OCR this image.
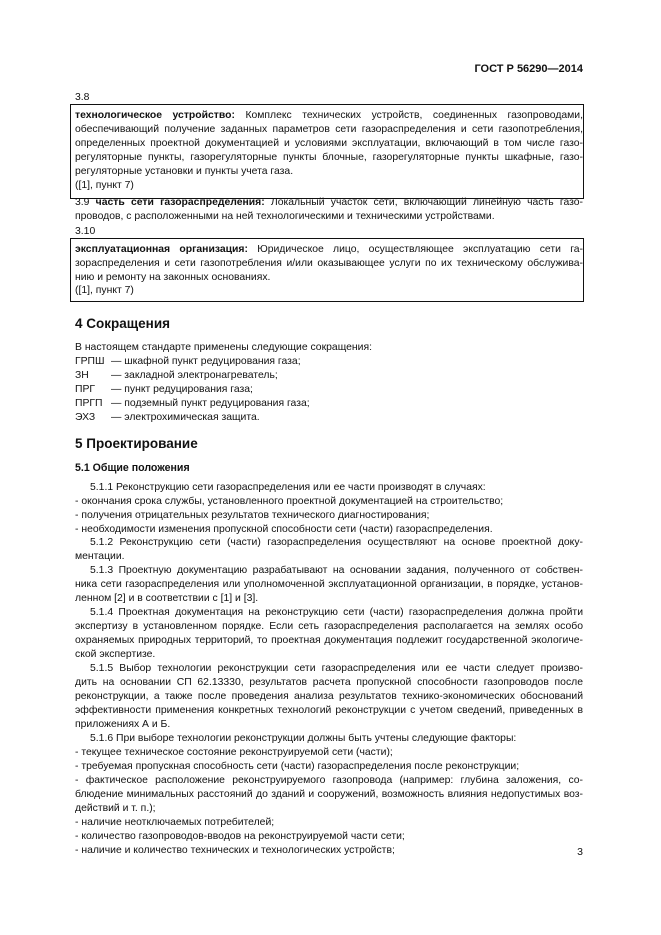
ГОСТ Р 56290—2014
3.8
технологическое устройство: Комплекс технических устройств, соединенных газопроводами,
обеспечивающий получение заданных параметров сети газораспределения и сети газопотребления,
определенных проектной документацией и условиями эксплуатации, включающий в том числе газо-
регуляторные пункты, газорегуляторные пункты блочные, газорегуляторные пункты шкафные, газо-
регуляторные установки и пункты учета газа.
([1], пункт 7)
3.9 часть сети газораспределения: Локальный участок сети, включающий линейную часть газо-
проводов, с расположенными на ней технологическими и техническими устройствами.
3.10
эксплуатационная организация: Юридическое лицо, осуществляющее эксплуатацию сети га-
зораспределения и сети газопотребления и/или оказывающее услуги по их техническому обслужива-
нию и ремонту на законных основаниях.
([1], пункт 7)
4 Сокращения
В настоящем стандарте применены следующие сокращения:
ГРПШ — шкафной пункт редуцирования газа;
ЗН — закладной электронагреватель;
ПРГ — пункт редуцирования газа;
ПРГП — подземный пункт редуцирования газа;
ЭХЗ — электрохимическая защита.
5 Проектирование
5.1 Общие положения
5.1.1 Реконструкцию сети газораспределения или ее части производят в случаях:
- окончания срока службы, установленного проектной документацией на строительство;
- получения отрицательных результатов технического диагностирования;
- необходимости изменения пропускной способности сети (части) газораспределения.
5.1.2 Реконструкцию сети (части) газораспределения осуществляют на основе проектной доку-
ментации.
5.1.3 Проектную документацию разрабатывают на основании задания, полученного от собствен-
ника сети газораспределения или уполномоченной эксплуатационной организации, в порядке, установ-
ленном [2] и в соответствии с [1] и [3].
5.1.4 Проектная документация на реконструкцию сети (части) газораспределения должна пройти
экспертизу в установленном порядке. Если сеть газораспределения располагается на землях особо
охраняемых природных территорий, то проектная документация подлежит государственной экологиче-
ской экспертизе.
5.1.5 Выбор технологии реконструкции сети газораспределения или ее части следует произво-
дить на основании СП 62.13330, результатов расчета пропускной способности газопроводов после
реконструкции, а также после проведения анализа результатов технико-экономических обоснований
эффективности применения конкретных технологий реконструкции с учетом сведений, приведенных в
приложениях А и Б.
5.1.6 При выборе технологии реконструкции должны быть учтены следующие факторы:
- текущее техническое состояние реконструируемой сети (части);
- требуемая пропускная способность сети (части) газораспределения после реконструкции;
- фактическое расположение реконструируемого газопровода (например: глубина заложения, со-
блюдение минимальных расстояний до зданий и сооружений, возможность влияния недопустимых воз-
действий и т. п.);
- наличие неотключаемых потребителей;
- количество газопроводов-вводов на реконструируемой части сети;
- наличие и количество технических и технологических устройств;	3
